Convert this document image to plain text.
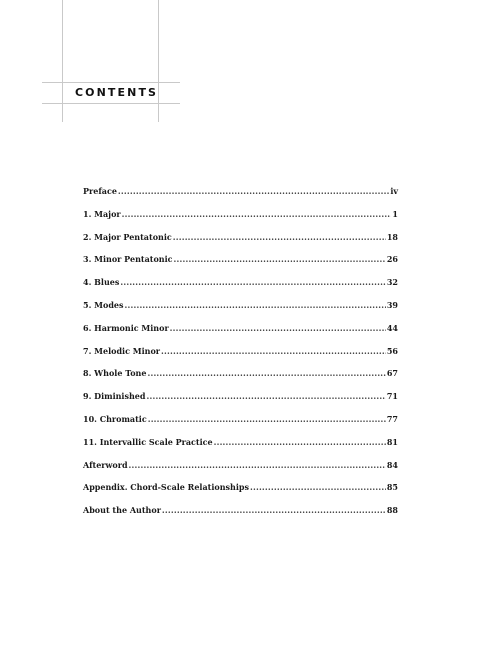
CONTENTS
Preface .....	iv
1. Major .....	1
2. Major Pentatonic .....	18
3. Minor Pentatonic .....	26
4. Blues .....	32
5. Modes .....	39
6. Harmonic Minor .....	44
7. Melodic Minor .....	56
8. Whole Tone .....	67
9. Diminished .....	71
10. Chromatic .....	77
11. Intervallic Scale Practice .....	81
Afterword .....	84
Appendix. Chord-Scale Relationships .....	85
About the Author .....	88
